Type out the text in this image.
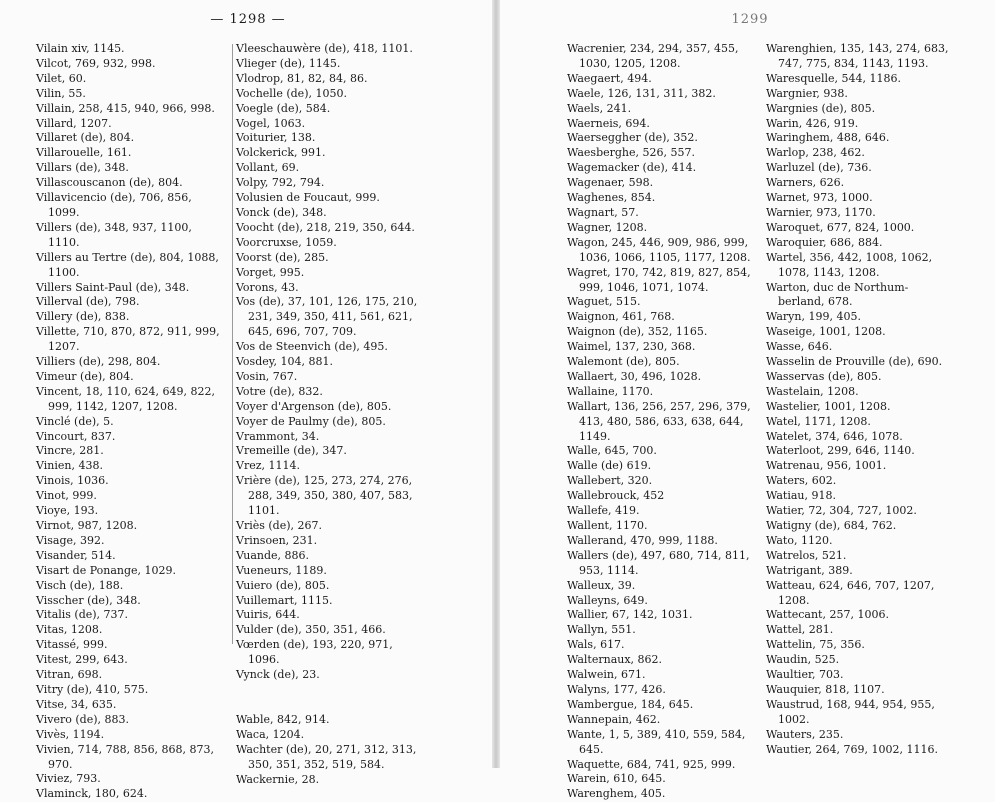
— 1298 —
Vilain xiv, 1145.
Vilcot, 769, 932, 998.
Vilet, 60.
Vilin, 55.
Villain, 258, 415, 940, 966, 998.
Villard, 1207.
Villaret (de), 804.
Villarouelle, 161.
Villars (de), 348.
Villascouscanon (de), 804.
Villavicencio (de), 706, 856, 1099.
Villers (de), 348, 937, 1100, 1110.
Villers au Tertre (de), 804, 1088, 1100.
Villers Saint-Paul (de), 348.
Villerval (de), 798.
Villery (de), 838.
Villette, 710, 870, 872, 911, 999, 1207.
Villiers (de), 298, 804.
Vimeur (de), 804.
Vincent, 18, 110, 624, 649, 822, 999, 1142, 1207, 1208.
Vinclé (de), 5.
Vincourt, 837.
Vincre, 281.
Vinien, 438.
Vinois, 1036.
Vinot, 999.
Vioye, 193.
Virnot, 987, 1208.
Visage, 392.
Visander, 514.
Visart de Ponange, 1029.
Visch (de), 188.
Visscher (de), 348.
Vitalis (de), 737.
Vitas, 1208.
Vitassé, 999.
Vitest, 299, 643.
Vitran, 698.
Vitry (de), 410, 575.
Vitse, 34, 635.
Vivero (de), 883.
Vivès, 1194.
Vivien, 714, 788, 856, 868, 873, 970.
Viviez, 793.
Vlaminck, 180, 624.
Vleeschauwère (de), 418, 1101.
Vlieger (de), 1145.
Vlodrop, 81, 82, 84, 86.
Vochelle (de), 1050.
Voegle (de), 584.
Vogel, 1063.
Voiturier, 138.
Volckerick, 991.
Vollant, 69.
Volpy, 792, 794.
Volusien de Foucaut, 999.
Vonck (de), 348.
Voocht (de), 218, 219, 350, 644.
Voorcruxse, 1059.
Voorst (de), 285.
Vorget, 995.
Vorons, 43.
Vos (de), 37, 101, 126, 175, 210, 231, 349, 350, 411, 561, 621, 645, 696, 707, 709.
Vos de Steenvich (de), 495.
Vosdey, 104, 881.
Vosin, 767.
Votre (de), 832.
Voyer d'Argenson (de), 805.
Voyer de Paulmy (de), 805.
Vrammont, 34.
Vremeille (de), 347.
Vrez, 1114.
Vrière (de), 125, 273, 274, 276, 288, 349, 350, 380, 407, 583, 1101.
Vriès (de), 267.
Vrinsoen, 231.
Vuande, 886.
Vueneurs, 1189.
Vuiero (de), 805.
Vuillemart, 1115.
Vuiris, 644.
Vulder (de), 350, 351, 466.
Vœrden (de), 193, 220, 971, 1096.
Vynck (de), 23.
Wable, 842, 914.
Waca, 1204.
Wachter (de), 20, 271, 312, 313, 350, 351, 352, 519, 584.
Wackernie, 28.
1299
Wacrenier, 234, 294, 357, 455, 1030, 1205, 1208.
Waegaert, 494.
Waele, 126, 131, 311, 382.
Waels, 241.
Waerneis, 694.
Waerseggher (de), 352.
Waesberghe, 526, 557.
Wagemacker (de), 414.
Wagenaer, 598.
Waghenes, 854.
Wagnart, 57.
Wagner, 1208.
Wagon, 245, 446, 909, 986, 999, 1036, 1066, 1105, 1177, 1208.
Wagret, 170, 742, 819, 827, 854, 999, 1046, 1071, 1074.
Waguet, 515.
Waignon, 461, 768.
Waignon (de), 352, 1165.
Waimel, 137, 230, 368.
Walemont (de), 805.
Wallaert, 30, 496, 1028.
Wallaine, 1170.
Wallart, 136, 256, 257, 296, 379, 413, 480, 586, 633, 638, 644, 1149.
Walle, 645, 700.
Walle (de) 619.
Wallebert, 320.
Wallebrouck, 452
Wallefe, 419.
Wallent, 1170.
Wallerand, 470, 999, 1188.
Wallers (de), 497, 680, 714, 811, 953, 1114.
Walleux, 39.
Walleyns, 649.
Wallier, 67, 142, 1031.
Wallyn, 551.
Wals, 617.
Walternaux, 862.
Walwein, 671.
Walyns, 177, 426.
Wambergue, 184, 645.
Wannepain, 462.
Wante, 1, 5, 389, 410, 559, 584, 645.
Waquette, 684, 741, 925, 999.
Warein, 610, 645.
Warenghem, 405.
Warenghien, 135, 143, 274, 683, 747, 775, 834, 1143, 1193.
Waresquelle, 544, 1186.
Wargnier, 938.
Wargnies (de), 805.
Warin, 426, 919.
Waringhem, 488, 646.
Warlop, 238, 462.
Warluzel (de), 736.
Warners, 626.
Warnet, 973, 1000.
Warnier, 973, 1170.
Waroquet, 677, 824, 1000.
Waroquier, 686, 884.
Wartel, 356, 442, 1008, 1062, 1078, 1143, 1208.
Warton, duc de Northum-berland, 678.
Waryn, 199, 405.
Waseige, 1001, 1208.
Wasse, 646.
Wasselin de Prouville (de), 690.
Wasservas (de), 805.
Wastelain, 1208.
Wastelier, 1001, 1208.
Watel, 1171, 1208.
Watelet, 374, 646, 1078.
Waterloot, 299, 646, 1140.
Watrenau, 956, 1001.
Waters, 602.
Watiau, 918.
Watier, 72, 304, 727, 1002.
Watigny (de), 684, 762.
Wato, 1120.
Watrelos, 521.
Watrigant, 389.
Watteau, 624, 646, 707, 1207, 1208.
Wattecant, 257, 1006.
Wattel, 281.
Wattelin, 75, 356.
Waudin, 525.
Waultier, 703.
Wauquier, 818, 1107.
Waustrud, 168, 944, 954, 955, 1002.
Wauters, 235.
Wautier, 264, 769, 1002, 1116.
